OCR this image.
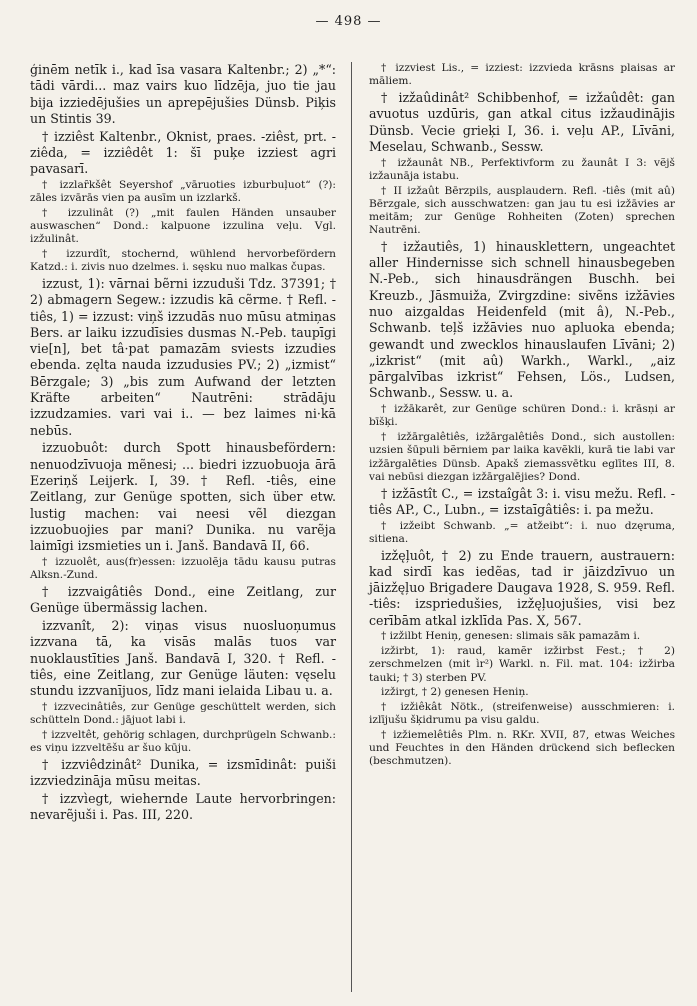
— 498 —

ģinēm netīk i., kad īsa vasara Kaltenbr.; 2) „*“: tādi vārdi... maz vairs kuo līdzēja, juo tie jau bija izziedējušies un aprepējušies Dünsb. Piķis un Stintis 39.

† izziêst Kaltenbr., Oknist, praes. -ziêst, prt. -ziêda, = izziêdêt 1: šī puķe izziest agri pavasarī.

† izzlaȓkšêt Seyershof „vāruoties izburbuļuot“ (?): zāles izvārās vien pa ausīm un izzlarkš.

† izzulinât (?) „mit faulen Händen unsauber auswaschen“ Dond.: kalpuone izzulina veļu. Vgl. izžulinât.

† izzurdît, stochernd, wühlend hervorbefördern Katzd.: i. zivis nuo dzelmes. i. sęsku nuo malkas čupas.

izzust, 1): vārnai bẽrni izzuduši Tdz. 37391; † 2) abmagern Segew.: izzudis kā cẽrme. † Refl. -tiês, 1) = izzust: viņš izzudās nuo mūsu atmiņas Bers. ar laiku izzudīsies dusmas N.-Peb. taupīgi vie[n], bet tâ·pat pamazām sviests izzudies ebenda. zęlta nauda izzudusies PV.; 2) „izmist“ Bērzgale; 3) „bis zum Aufwand der letzten Kräfte arbeiten“ Nautrēni: strādāju izzudzamies. vari vai i.. — bez laimes ni·kā nebūs.

izzuobuôt: durch Spott hinausbefördern: nenuodzīvuoja mẽnesi; ... biedri izzuobuoja ārā Ezeriņš Leijerk. I, 39. † Refl. -tiês, eine Zeitlang, zur Genüge spotten, sich über etw. lustig machen: vai neesi vẽl diezgan izzuobuojies par mani? Dunika. nu varẽja laimīgi izsmieties un i. Janš. Bandavā II, 66.

† izzuolêt, aus(fr)essen: izzuolẽja tādu kausu putras Alksn.-Zund.

† izzvaigâtiês Dond., eine Zeitlang, zur Genüge übermässig lachen.

izzvanît, 2): viņas visus nuosluoņumus izzvana tā, ka visās malās tuos var nuoklaustīties Janš. Bandavā I, 320. † Refl. -tiês, eine Zeitlang, zur Genüge läuten: vęselu stundu izzvanījuos, līdz mani ielaida Libau u. a.

† izzvecinâtiês, zur Genüge geschüttelt werden, sich schütteln Dond.: jājuot labi i.

† izzveltêt, gehörig schlagen, durchprügeln Schwanb.: es viņu izzveltēšu ar šuo kūju.

† izzviêdzinât² Dunika, = izsmīdinât: puiši izzviedzināja mūsu meitas.

† izzvìegt, wiehernde Laute hervorbringen: nevarẽjuši i. Pas. III, 220.

† izzviest Lis., = izziest: izzvieda krāsns plaisas ar māliem.

† izžaûdinât² Schibbenhof, = izžaûdêt: gan avuotus uzdūris, gan atkal citus izžaudinājis Dünsb. Vecie grieķi I, 36. i. veļu AP., Līvāni, Meselau, Schwanb., Sessw.

† izžaunât NB., Perfektivform zu žaunât I 3: vẽjš izžaunāja istabu.

† II izžaût Bērzpils, ausplaudern. Refl. -tiês (mit aû) Bērzgale, sich ausschwatzen: gan jau tu esi izžāvies ar meitām; zur Genüge Rohheiten (Zoten) sprechen Nautrēni.

† izžautiês, 1) hinausklettern, ungeachtet aller Hindernisse sich schnell hinausbegeben N.-Peb., sich hinausdrängen Buschh. bei Kreuzb., Jāsmuiža, Zvirgzdine: sivẽns izžāvies nuo aizgaldas Heidenfeld (mit â), N.-Peb., Schwanb. teļš izžāvies nuo apluoka ebenda; gewandt und zwecklos hinauslaufen Līvāni; 2) „izkrist“ (mit aû) Warkh., Warkl., „aiz pārgalvības izkrist“ Fehsen, Lös., Ludsen, Schwanb., Sessw. u. a.

† izžākarêt, zur Genüge schüren Dond.: i. krāsņi ar bīšķi.

† izžārgalêtiês, izžārgalêtiês Dond., sich austollen: uzsien šūpuli bẽrniem par laika kavẽkli, kurā tie labi var izžārgalēties Dünsb. Apakš ziemassvētku eglītes III, 8. vai nebūsi diezgan izžārgalējies? Dond.

† izžāstît C., = izstaîgât 3: i. visu mežu. Refl. -tiês AP., C., Lubn., = izstaīgâtiês: i. pa mežu.

† izžeibt Schwanb. „= atžeibt“: i. nuo dzęruma, sitiena.

izžęļuôt, † 2) zu Ende trauern, austrauern: kad sirdī kas iedẽas, tad ir jāizdzīvuo un jāizžęļuo Brigadere Daugava 1928, S. 959. Refl. -tiês: izspriedušies, izžęļuojušies, visi bez cerībām atkal izklīda Pas. X, 567.

† izžilbt Heniņ, genesen: slimais sāk pamazām i.

izžirbt, 1): raud, kamẽr izžirbst Fest.; † 2) zerschmelzen (mit ìr²) Warkl. n. Fil. mat. 104: izžirba tauki; † 3) sterben PV.

izžirgt, † 2) genesen Heniņ.

† izžiêkât Nötk., (streifenweise) ausschmieren: i. izlījušu šķidrumu pa visu galdu.

† izžiemelêtiês Plm. n. RKr. XVII, 87, etwas Weiches und Feuchtes in den Händen drückend sich beflecken (beschmutzen).
